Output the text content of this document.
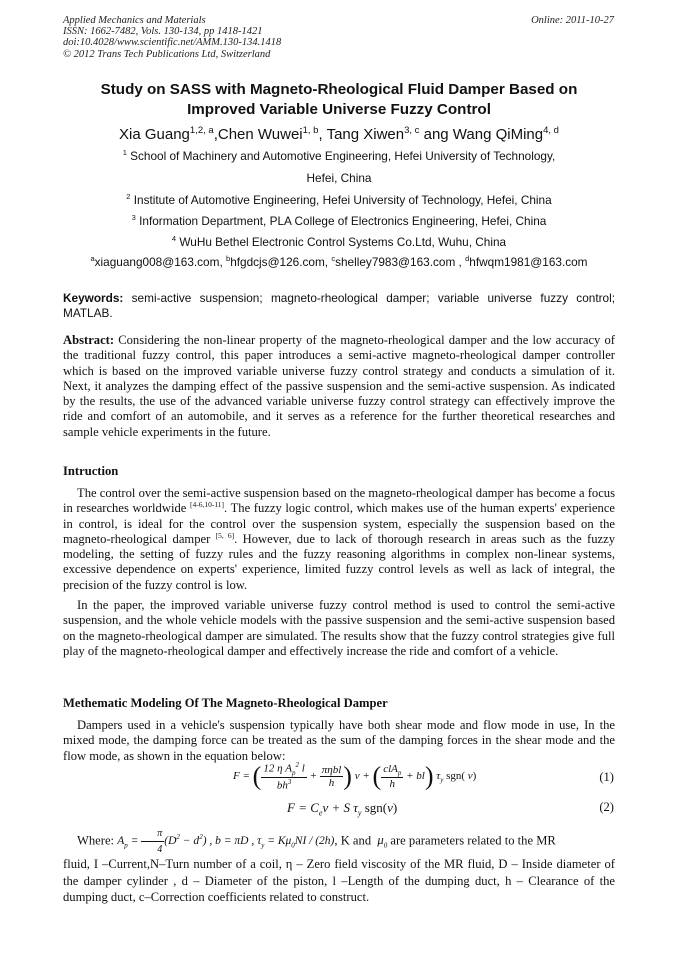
Applied Mechanics and Materials
ISSN: 1662-7482, Vols. 130-134, pp 1418-1421
doi:10.4028/www.scientific.net/AMM.130-134.1418
© 2012 Trans Tech Publications Ltd, Switzerland
Online: 2011-10-27
Study on SASS with Magneto-Rheological Fluid Damper Based on
Improved Variable Universe Fuzzy Control
Xia Guang$^{1,2, a}$,Chen Wuwei$^{1, b}$, Tang Xiwen$^{3, c}$ ang Wang QiMing$^{4, d}$
$^1$ School of Machinery and Automotive Engineering, Hefei University of Technology,
Hefei, China
$^2$ Institute of Automotive Engineering, Hefei University of Technology, Hefei, China
$^3$ Information Department, PLA College of Electronics Engineering, Hefei, China
$^4$ WuHu Bethel Electronic Control Systems Co.Ltd, Wuhu, China
$^a$xiaguang008@163.com, $^b$hfgdcjs@126.com, $^c$shelley7983@163.com , $^d$hfwqm1981@163.com
Keywords: semi-active suspension; magneto-rheological damper; variable universe fuzzy control; MATLAB.
Abstract: Considering the non-linear property of the magneto-rheological damper and the low accuracy of the traditional fuzzy control, this paper introduces a semi-active magneto-rheological damper controller which is based on the improved variable universe fuzzy control strategy and conducts a simulation of it. Next, it analyzes the damping effect of the passive suspension and the semi-active suspension. As indicated by the results, the use of the advanced variable universe fuzzy control strategy can effectively improve the ride and comfort of an automobile, and it serves as a reference for the further theoretical researches and sample vehicle experiments in the future.
Intruction
The control over the semi-active suspension based on the magneto-rheological damper has become a focus in researches worldwide [4-6,10-11]. The fuzzy logic control, which makes use of the human experts' experience in control, is ideal for the control over the suspension system, especially the suspension based on the magneto-rheological damper [5, 6]. However, due to lack of thorough research in areas such as the fuzzy modeling, the setting of fuzzy rules and the fuzzy reasoning algorithms in complex non-linear systems, excessive dependence on experts' experience, limited fuzzy control levels as well as lack of integral, the precision of the fuzzy control is low.
In the paper, the improved variable universe fuzzy control method is used to control the semi-active suspension, and the whole vehicle models with the passive suspension and the semi-active suspension based on the magneto-rheological damper are simulated. The results show that the fuzzy control strategies give full play of the magneto-rheological damper and effectively increase the ride and comfort of a vehicle.
Methematic Modeling Of The Magneto-Rheological Damper
Dampers used in a vehicle's suspension typically have both shear mode and flow mode in use, In the mixed mode, the damping force can be treated as the sum of the damping forces in the shear mode and the flow mode, as shown in the equation below:
F = ( $\frac{12 \eta A_p^2 l}{bh^3} + \frac{\text{πηbl}}{h}$ ) v + ( $\frac{clA_p}{h} + bl$) $\tau_y$ sgn( v)	(1)
$F = C_ev + S$ $\tau_y$ sgn(v)	(2)
Where: $A_p = \frac{\pi}{4} (D^2 - d^2)$ , b = πD , $\tau_y = K\mu_0NI / (2h)$, K and $\mu_0$ are parameters related to the MR
fluid, I –Current,N–Turn number of a coil, η – Zero field viscosity of the MR fluid, D – Inside diameter of the damper cylinder , d – Diameter of the piston, l –Length of the dumping duct, h – Clearance of the dumping duct, c–Correction coefficients related to construct.
